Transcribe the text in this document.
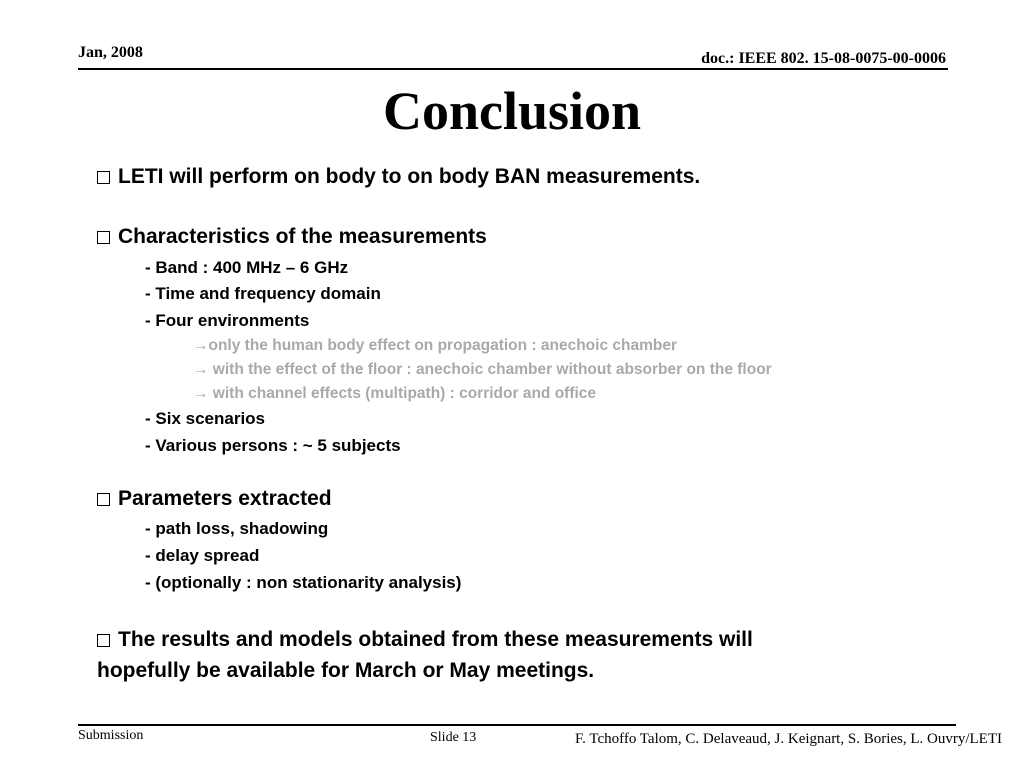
Jan, 2008	doc.: IEEE 802. 15-08-0075-00-0006
Conclusion
LETI will perform on body to on body BAN measurements.
Characteristics of the measurements
- Band : 400 MHz – 6 GHz
- Time and frequency domain
- Four environments
→only the human body effect on propagation : anechoic chamber
→ with the effect of the floor : anechoic chamber without absorber on the floor
→ with channel effects (multipath) : corridor and office
- Six scenarios
- Various persons : ~ 5 subjects
Parameters extracted
- path loss, shadowing
- delay spread
- (optionally : non stationarity analysis)
The results and models obtained from these measurements will
hopefully be available for March or May meetings.
Submission	Slide 13	F. Tchoffo Talom, C. Delaveaud, J. Keignart, S. Bories, L. Ouvry/LETI
